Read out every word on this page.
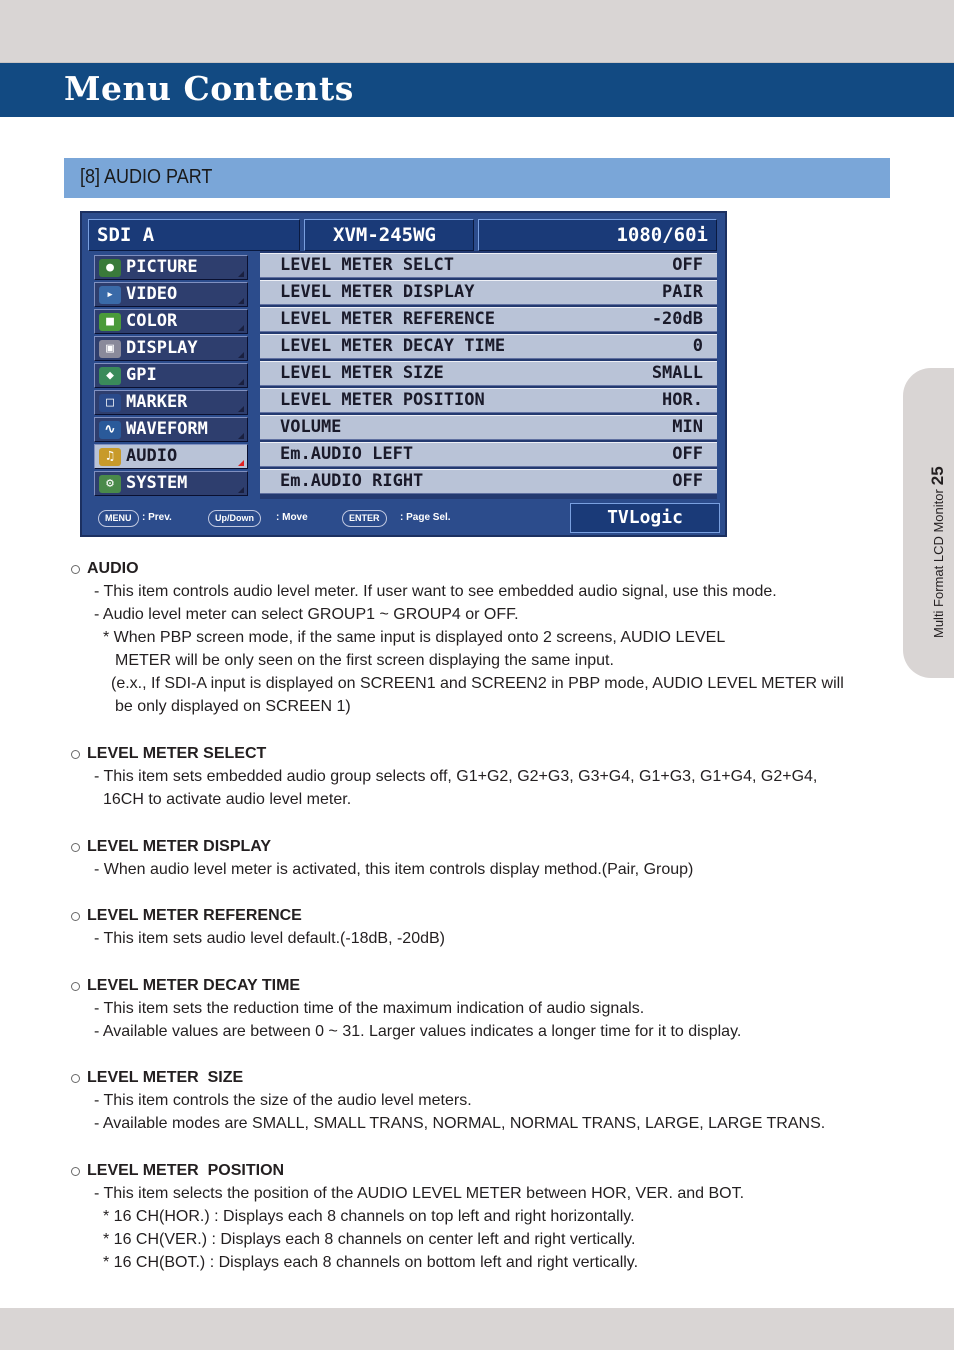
Menu Contents
Multi Format LCD Monitor25
[8] AUDIO PART
SDI A	XVM-245WG	1080/60i
● PICTURE
▸ VIDEO
■ COLOR
▣ DISPLAY
◆ GPI
□ MARKER
∿ WAVEFORM
♫ AUDIO
⚙ SYSTEM
LEVEL METER SELCT	OFF
LEVEL METER DISPLAY	PAIR
LEVEL METER REFERENCE	-20dB
LEVEL METER DECAY TIME	0
LEVEL METER SIZE	SMALL
LEVEL METER POSITION	HOR.
VOLUME	MIN
Em.AUDIO LEFT	OFF
Em.AUDIO RIGHT	OFF
MENU	: Prev.	Up/Down	: Move	ENTER	: Page Sel.	TVLogic
AUDIO
- This item controls audio level meter. If user want to see embedded audio signal, use this mode.
- Audio level meter can select GROUP1 ~ GROUP4 or OFF.
* When PBP screen mode, if the same input is displayed onto 2 screens, AUDIO LEVEL
METER will be only seen on the first screen displaying the same input.
(e.x., If SDI-A input is displayed on SCREEN1 and SCREEN2 in PBP mode, AUDIO LEVEL METER will
be only displayed on SCREEN 1)
LEVEL METER SELECT
- This item sets embedded audio group selects off, G1+G2, G2+G3, G3+G4, G1+G3, G1+G4, G2+G4,
16CH to activate audio level meter.
LEVEL METER DISPLAY
- When audio level meter is activated, this item controls display method.(Pair, Group)
LEVEL METER REFERENCE
- This item sets audio level default.(-18dB, -20dB)
LEVEL METER DECAY TIME
- This item sets the reduction time of the maximum indication of audio signals.
- Available values are between 0 ~ 31. Larger values indicates a longer time for it to display.
LEVEL METER  SIZE
- This item controls the size of the audio level meters.
- Available modes are SMALL, SMALL TRANS, NORMAL, NORMAL TRANS, LARGE, LARGE TRANS.
LEVEL METER  POSITION
- This item selects the position of the AUDIO LEVEL METER between HOR, VER. and BOT.
* 16 CH(HOR.) : Displays each 8 channels on top left and right horizontally.
* 16 CH(VER.) : Displays each 8 channels on center left and right vertically.
* 16 CH(BOT.) : Displays each 8 channels on bottom left and right vertically.
